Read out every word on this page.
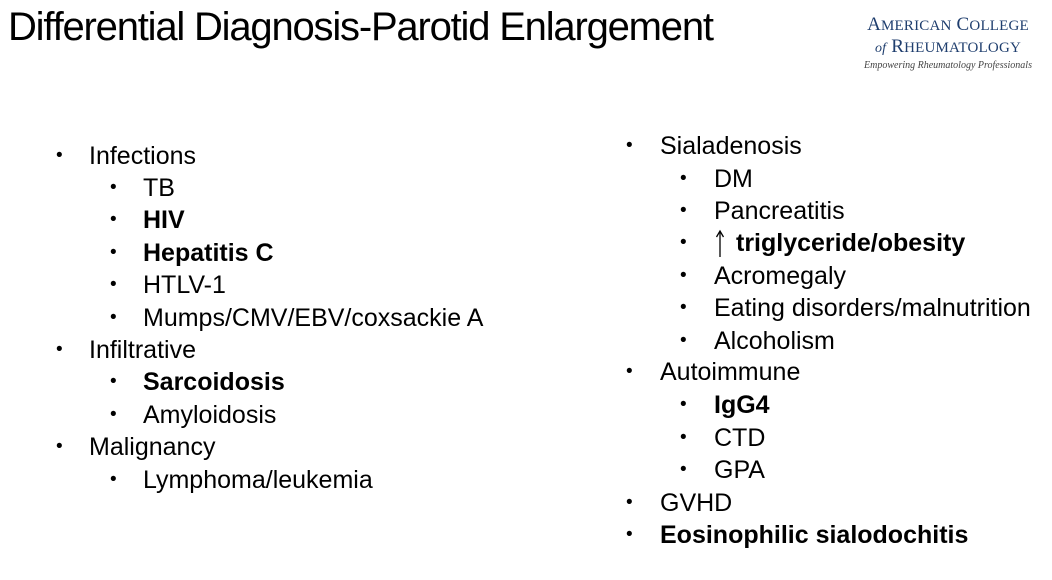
Differential Diagnosis-Parotid Enlargement	AMERICAN COLLEGE
of RHEUMATOLOGY
Empowering Rheumatology Professionals
• Infections
• TB
• HIV
• Hepatitis C
• HTLV-1
• Mumps/CMV/EBV/coxsackie A
• Infiltrative
• Sarcoidosis
• Amyloidosis
• Malignancy
• Lymphoma/leukemia
• Sialadenosis
• DM
• Pancreatitis
•	triglyceride/obesity
• Acromegaly
• Eating disorders/malnutrition
• Alcoholism
• Autoimmune
• IgG4
• CTD
• GPA
• GVHD
• Eosinophilic sialodochitis
